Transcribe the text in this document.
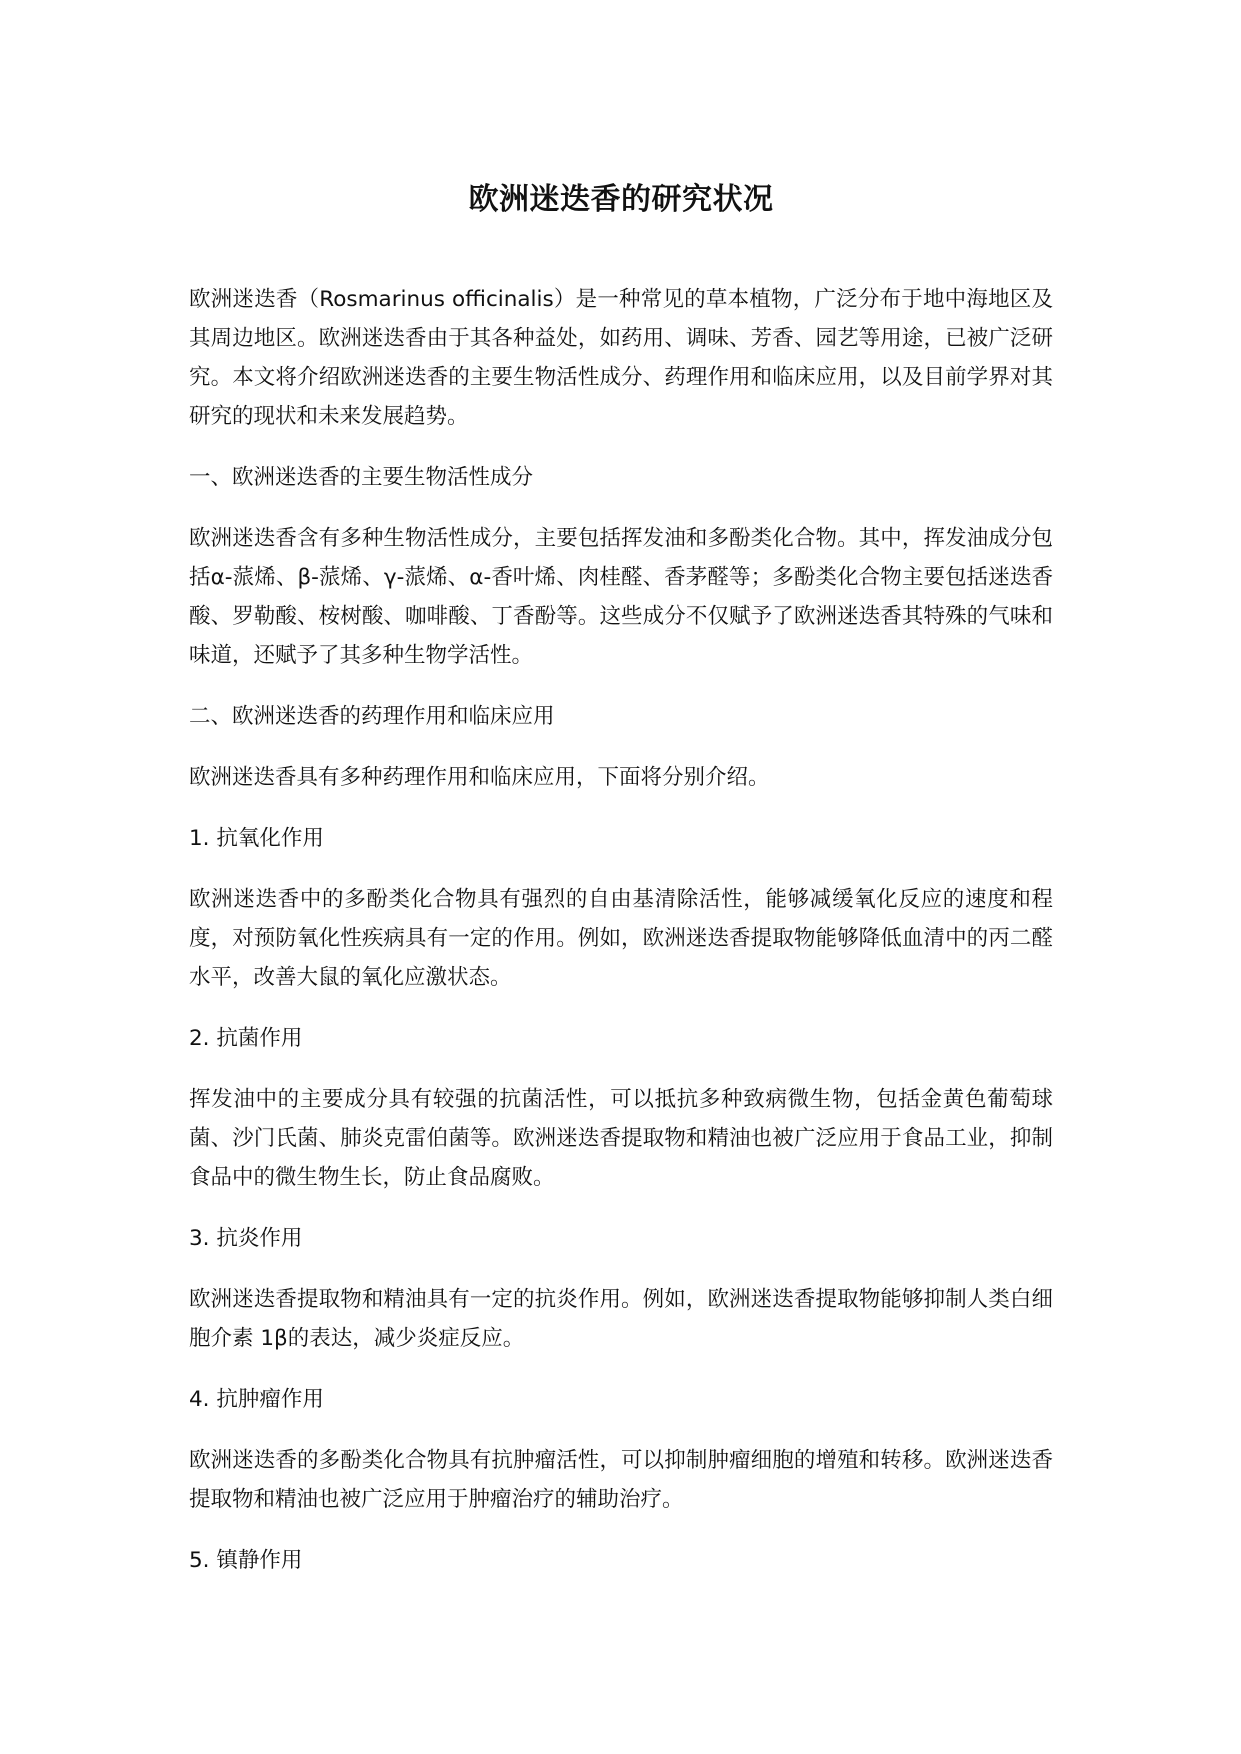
欧洲迷迭香的研究状况

欧洲迷迭香（Rosmarinus officinalis）是一种常见的草本植物，广泛分布于地中海地区及其周边地区。欧洲迷迭香由于其各种益处，如药用、调味、芳香、园艺等用途，已被广泛研究。本文将介绍欧洲迷迭香的主要生物活性成分、药理作用和临床应用，以及目前学界对其研究的现状和未来发展趋势。

一、欧洲迷迭香的主要生物活性成分

欧洲迷迭香含有多种生物活性成分，主要包括挥发油和多酚类化合物。其中，挥发油成分包括α-蒎烯、β-蒎烯、γ-蒎烯、α-香叶烯、肉桂醛、香茅醛等；多酚类化合物主要包括迷迭香酸、罗勒酸、桉树酸、咖啡酸、丁香酚等。这些成分不仅赋予了欧洲迷迭香其特殊的气味和味道，还赋予了其多种生物学活性。

二、欧洲迷迭香的药理作用和临床应用

欧洲迷迭香具有多种药理作用和临床应用，下面将分别介绍。

1. 抗氧化作用

欧洲迷迭香中的多酚类化合物具有强烈的自由基清除活性，能够减缓氧化反应的速度和程度，对预防氧化性疾病具有一定的作用。例如，欧洲迷迭香提取物能够降低血清中的丙二醛水平，改善大鼠的氧化应激状态。

2. 抗菌作用

挥发油中的主要成分具有较强的抗菌活性，可以抵抗多种致病微生物，包括金黄色葡萄球菌、沙门氏菌、肺炎克雷伯菌等。欧洲迷迭香提取物和精油也被广泛应用于食品工业，抑制食品中的微生物生长，防止食品腐败。

3. 抗炎作用

欧洲迷迭香提取物和精油具有一定的抗炎作用。例如，欧洲迷迭香提取物能够抑制人类白细胞介素 1β的表达，减少炎症反应。

4. 抗肿瘤作用

欧洲迷迭香的多酚类化合物具有抗肿瘤活性，可以抑制肿瘤细胞的增殖和转移。欧洲迷迭香提取物和精油也被广泛应用于肿瘤治疗的辅助治疗。

5. 镇静作用
